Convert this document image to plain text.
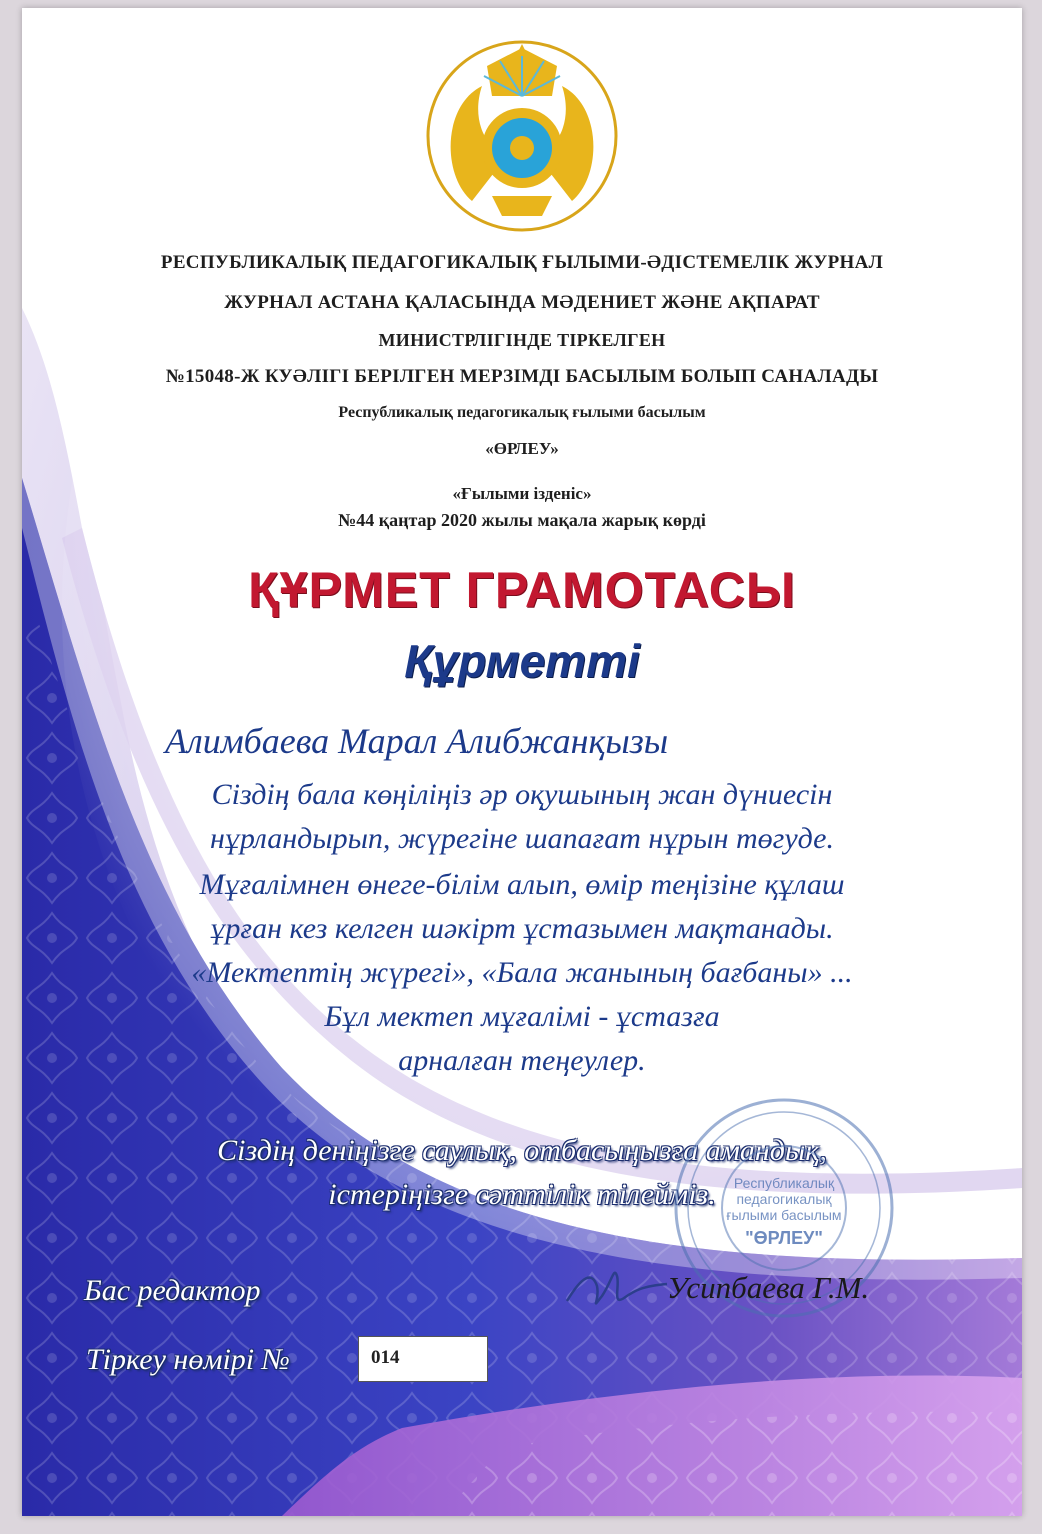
РЕСПУБЛИКАЛЫҚ ПЕДАГОГИКАЛЫҚ ҒЫЛЫМИ-ӘДІСТЕМЕЛІК ЖУРНАЛ
ЖУРНАЛ АСТАНА ҚАЛАСЫНДА МӘДЕНИЕТ ЖӘНЕ АҚПАРАТ
МИНИСТРЛІГІНДЕ ТІРКЕЛГЕН
№15048-Ж КУӘЛІГІ БЕРІЛГЕН МЕРЗІМДІ БАСЫЛЫМ БОЛЫП САНАЛАДЫ
Республикалық педагогикалық ғылыми басылым
«ӨРЛЕУ»
«Ғылыми ізденіс»
№44 қаңтар 2020 жылы мақала жарық көрді
ҚҰРМЕТ ГРАМОТАСЫ
Құрметті
Алимбаева Марал Алибжанқызы
Сіздің бала көңіліңіз әр оқушының жан дүниесін
нұрландырып, жүрегіне шапағат нұрын төгуде.
Мұғалімнен өнеге-білім алып, өмір теңізіне құлаш
ұрған кез келген шәкірт ұстазымен мақтанады.
«Мектептің жүрегі», «Бала жанының бағбаны» ...
Бұл мектеп мұғалімі - ұстазға
арналған теңеулер.
Сіздің деніңізге саулық, отбасыңызға амандық,
істеріңізге сәттілік тілейміз.	Республикалық
педагогикалық
ғылыми басылым
"ӨРЛЕУ"
Бас редактор	Усипбаева Г.М.
Тіркеу нөмірі №	014
